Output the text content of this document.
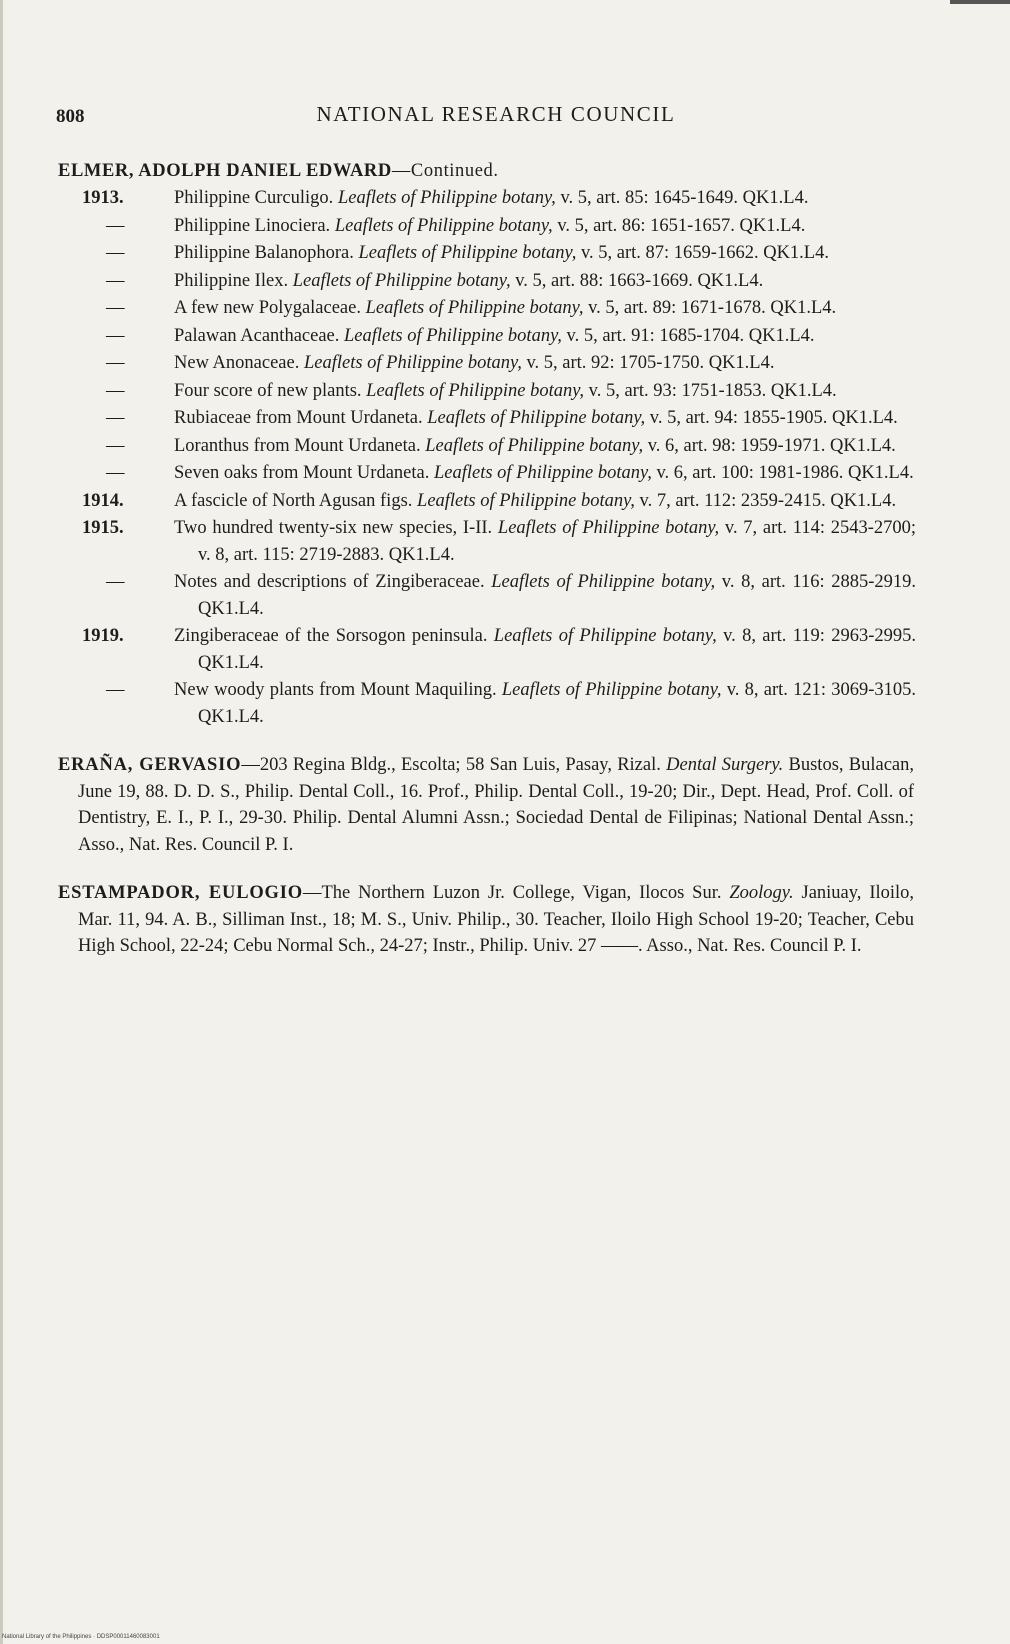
808	NATIONAL RESEARCH COUNCIL
ELMER, ADOLPH DANIEL EDWARD—Continued.
1913.	Philippine Curculigo. Leaflets of Philippine botany, v. 5, art. 85: 1645-1649. QK1.L4.
—	Philippine Linociera. Leaflets of Philippine botany, v. 5, art. 86: 1651-1657. QK1.L4.
—	Philippine Balanophora. Leaflets of Philippine botany, v. 5, art. 87: 1659-1662. QK1.L4.
—	Philippine Ilex. Leaflets of Philippine botany, v. 5, art. 88: 1663-1669. QK1.L4.
—	A few new Polygalaceae. Leaflets of Philippine botany, v. 5, art. 89: 1671-1678. QK1.L4.
—	Palawan Acanthaceae. Leaflets of Philippine botany, v. 5, art. 91: 1685-1704. QK1.L4.
—	New Anonaceae. Leaflets of Philippine botany, v. 5, art. 92: 1705-1750. QK1.L4.
—	Four score of new plants. Leaflets of Philippine botany, v. 5, art. 93: 1751-1853. QK1.L4.
—	Rubiaceae from Mount Urdaneta. Leaflets of Philippine botany, v. 5, art. 94: 1855-1905. QK1.L4.
—	Loranthus from Mount Urdaneta. Leaflets of Philippine botany, v. 6, art. 98: 1959-1971. QK1.L4.
—	Seven oaks from Mount Urdaneta. Leaflets of Philippine botany, v. 6, art. 100: 1981-1986. QK1.L4.
1914.	A fascicle of North Agusan figs. Leaflets of Philippine botany, v. 7, art. 112: 2359-2415. QK1.L4.
1915.	Two hundred twenty-six new species, I-II. Leaflets of Philippine botany, v. 7, art. 114: 2543-2700; v. 8, art. 115: 2719-2883. QK1.L4.
—	Notes and descriptions of Zingiberaceae. Leaflets of Philippine botany, v. 8, art. 116: 2885-2919. QK1.L4.
1919.	Zingiberaceae of the Sorsogon peninsula. Leaflets of Philippine botany, v. 8, art. 119: 2963-2995. QK1.L4.
—	New woody plants from Mount Maquiling. Leaflets of Philippine botany, v. 8, art. 121: 3069-3105. QK1.L4.
ERAÑA, GERVASIO—203 Regina Bldg., Escolta; 58 San Luis, Pasay, Rizal. Dental Surgery. Bustos, Bulacan, June 19, 88. D. D. S., Philip. Dental Coll., 16. Prof., Philip. Dental Coll., 19-20; Dir., Dept. Head, Prof. Coll. of Dentistry, E. I., P. I., 29-30. Philip. Dental Alumni Assn.; Sociedad Dental de Filipinas; National Dental Assn.; Asso., Nat. Res. Council P. I.
ESTAMPADOR, EULOGIO—The Northern Luzon Jr. College, Vigan, Ilocos Sur. Zoology. Janiuay, Iloilo, Mar. 11, 94. A. B., Silliman Inst., 18; M. S., Univ. Philip., 30. Teacher, Iloilo High School 19-20; Teacher, Cebu High School, 22-24; Cebu Normal Sch., 24-27; Instr., Philip. Univ. 27 ——. Asso., Nat. Res. Council P. I.
National Library of the Philippines · DDSP00011460083001
